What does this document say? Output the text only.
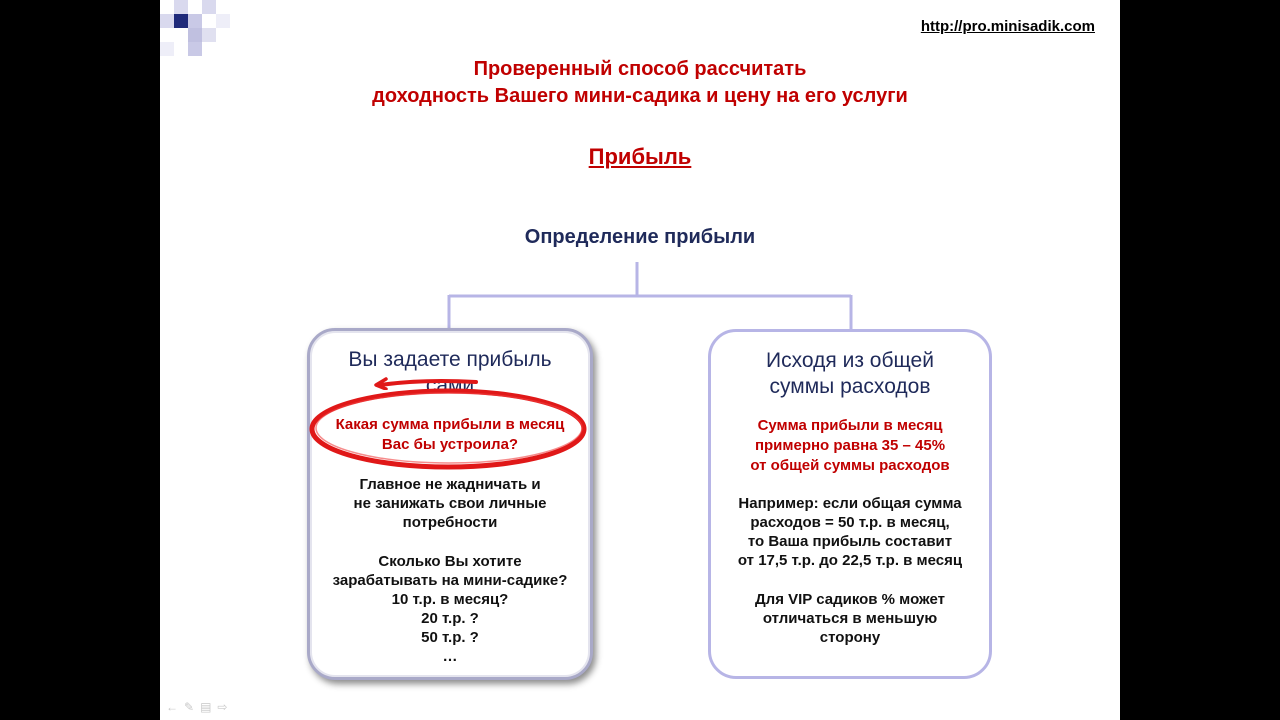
http://pro.minisadik.com
Проверенный способ рассчитать
доходность Вашего мини-садика и цену на его услуги
Прибыль
Определение прибыли
Вы задаете прибыль
сами
Какая сумма прибыли в месяц
Вас бы устроила?
Главное не жадничать и
не занижать свои личные
потребности
Сколько Вы хотите
зарабатывать на мини-садике?
10 т.р. в месяц?
20 т.р. ?
50 т.р. ?
…
Исходя из общей
суммы расходов
Сумма прибыли в месяц
примерно равна 35 – 45%
от общей суммы расходов
Например: если общая сумма
расходов = 50 т.р. в месяц,
то Ваша прибыль составит
от 17,5 т.р. до 22,5 т.р. в месяц
Для VIP садиков % может
отличаться в меньшую
сторону
← ✎ ▤ ⇨
